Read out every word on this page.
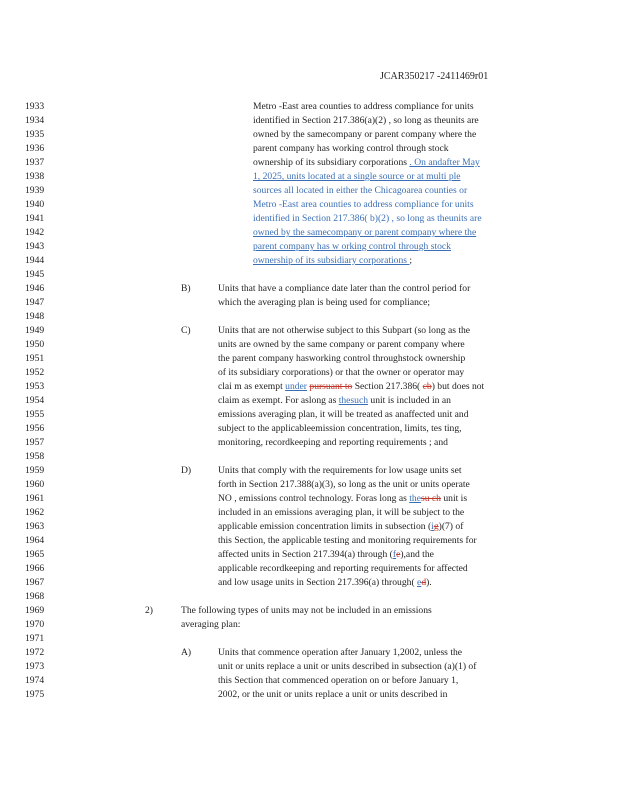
JCAR350217 -2411469r01
1933
1934
1935
1936
1937
1938
1939
1940
1941
1942
1943
1944
1945
1946
1947
1948
1949
1950
1951
1952
1953
1954
1955
1956
1957
1958
1959
1960
1961
1962
1963
1964
1965
1966
1967
1968
1969
1970
1971
1972
1973
1974
1975
Metro -East area counties to address compliance for units
identified in Section 217.386(a)(2) , so long as theunits are
owned by the samecompany or parent company where the
parent company has working control through stock
ownership of its subsidiary corporations . On andafter May
1, 2025, units located at a single source or at multi ple
sources all located in either the Chicagoarea counties or
Metro -East area counties to address compliance for units
identified in Section 217.386( b)(2) , so long as theunits are
owned by the samecompany or parent company where the
parent company has w orking control through stock
ownership of its subsidiary corporations ;
B)	Units that have a compliance date later than the control period for
which the averaging plan is being used for compliance;
C)	Units that are not otherwise subject to this Subpart (so long as the
units are owned by the same company or parent company where
the parent company hasworking control throughstock ownership
of its subsidiary corporations) or that the owner or operator may
clai m as exempt under pursuant to Section 217.386( cb) but does not
claim as exempt. For aslong as thesuch unit is included in an
emissions averaging plan, it will be treated as anaffected unit and
subject to the applicableemission concentration, limits, tes ting,
monitoring, recordkeeping and reporting requirements ; and
D)	Units that comply with the requirements for low usage units set
forth in Section 217.388(a)(3), so long as the unit or units operate
NO , emissions control technology. Foras long as thesu ch unit is
included in an emissions averaging plan, it will be subject to the
applicable emission concentration limits in subsection (ig)(7) of
this Section, the applicable testing and monitoring requirements for
affected units in Section 217.394(a) through (fe),and the
applicable recordkeeping and reporting requirements for affected
and low usage units in Section 217.396(a) through( ed).
2)	The following types of units may not be included in an emissions
averaging plan:
A)	Units that commence operation after January 1,2002, unless the
unit or units replace a unit or units described in subsection (a)(1) of
this Section that commenced operation on or before January 1,
2002, or the unit or units replace a unit or units described in
